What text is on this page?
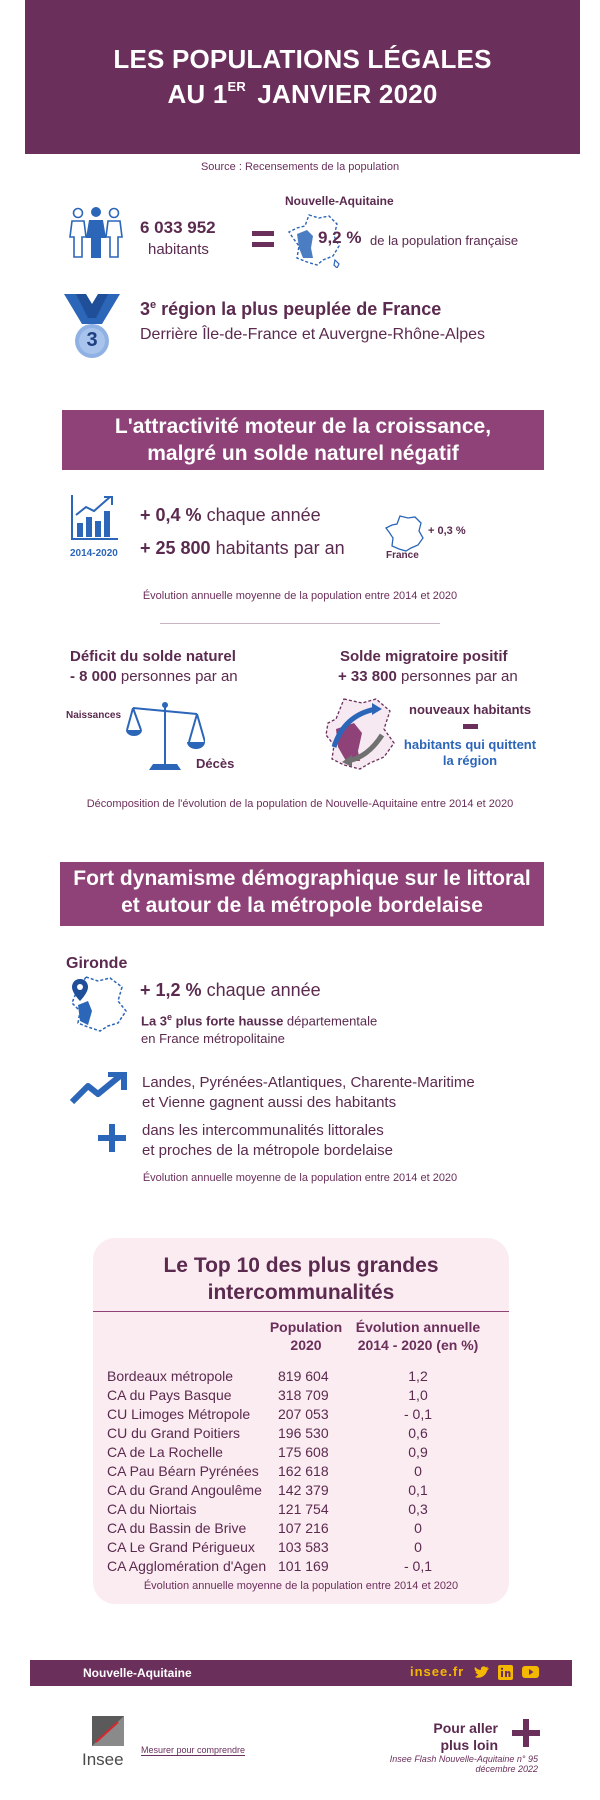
LES POPULATIONS LÉGALES
AU 1ER JANVIER 2020
Source : Recensements de la population
6 033 952
habitants
Nouvelle-Aquitaine
9,2 % de la population française
3
3e région la plus peuplée de France
Derrière Île-de-France et Auvergne-Rhône-Alpes
L'attractivité moteur de la croissance,
malgré un solde naturel négatif
2014-2020
+ 0,4 % chaque année
+ 25 800 habitants par an
+ 0,3 %
France
Évolution annuelle moyenne de la population entre 2014 et 2020
Déficit du solde naturel
- 8 000 personnes par an
Naissances
Décès
Solde migratoire positif
+ 33 800 personnes par an
nouveaux habitants
habitants qui quittent
la région
Décomposition de l'évolution de la population de Nouvelle-Aquitaine entre 2014 et 2020
Fort dynamisme démographique sur le littoral
et autour de la métropole bordelaise
Gironde
+ 1,2 % chaque année
La 3e plus forte hausse départementale
en France métropolitaine
Landes, Pyrénées-Atlantiques, Charente-Maritime
et Vienne gagnent aussi des habitants
dans les intercommunalités littorales
et proches de la métropole bordelaise
Évolution annuelle moyenne de la population entre 2014 et 2020
Le Top 10 des plus grandes
intercommunalités
Population
2020
Évolution annuelle
2014 - 2020 (en %)
Bordeaux métropole	819 604	1,2
CA du Pays Basque	318 709	1,0
CU Limoges Métropole 207 053	- 0,1
CU du Grand Poitiers	196 530	0,6
CA de La Rochelle	175 608	0,9
CA Pau Béarn Pyrénées 162 618	0
CA du Grand Angoulême 142 379	0,1
CA du Niortais	121 754	0,3
CA du Bassin de Brive 107 216	0
CA Le Grand Périgueux 103 583	0
CA Agglomération d'Agen 101 169	- 0,1
Évolution annuelle moyenne de la population entre 2014 et 2020
Nouvelle-Aquitaine	insee.fr
Insee Mesurer pour comprendre
Pour aller
plus loin
Insee Flash Nouvelle-Aquitaine n° 95
décembre 2022
